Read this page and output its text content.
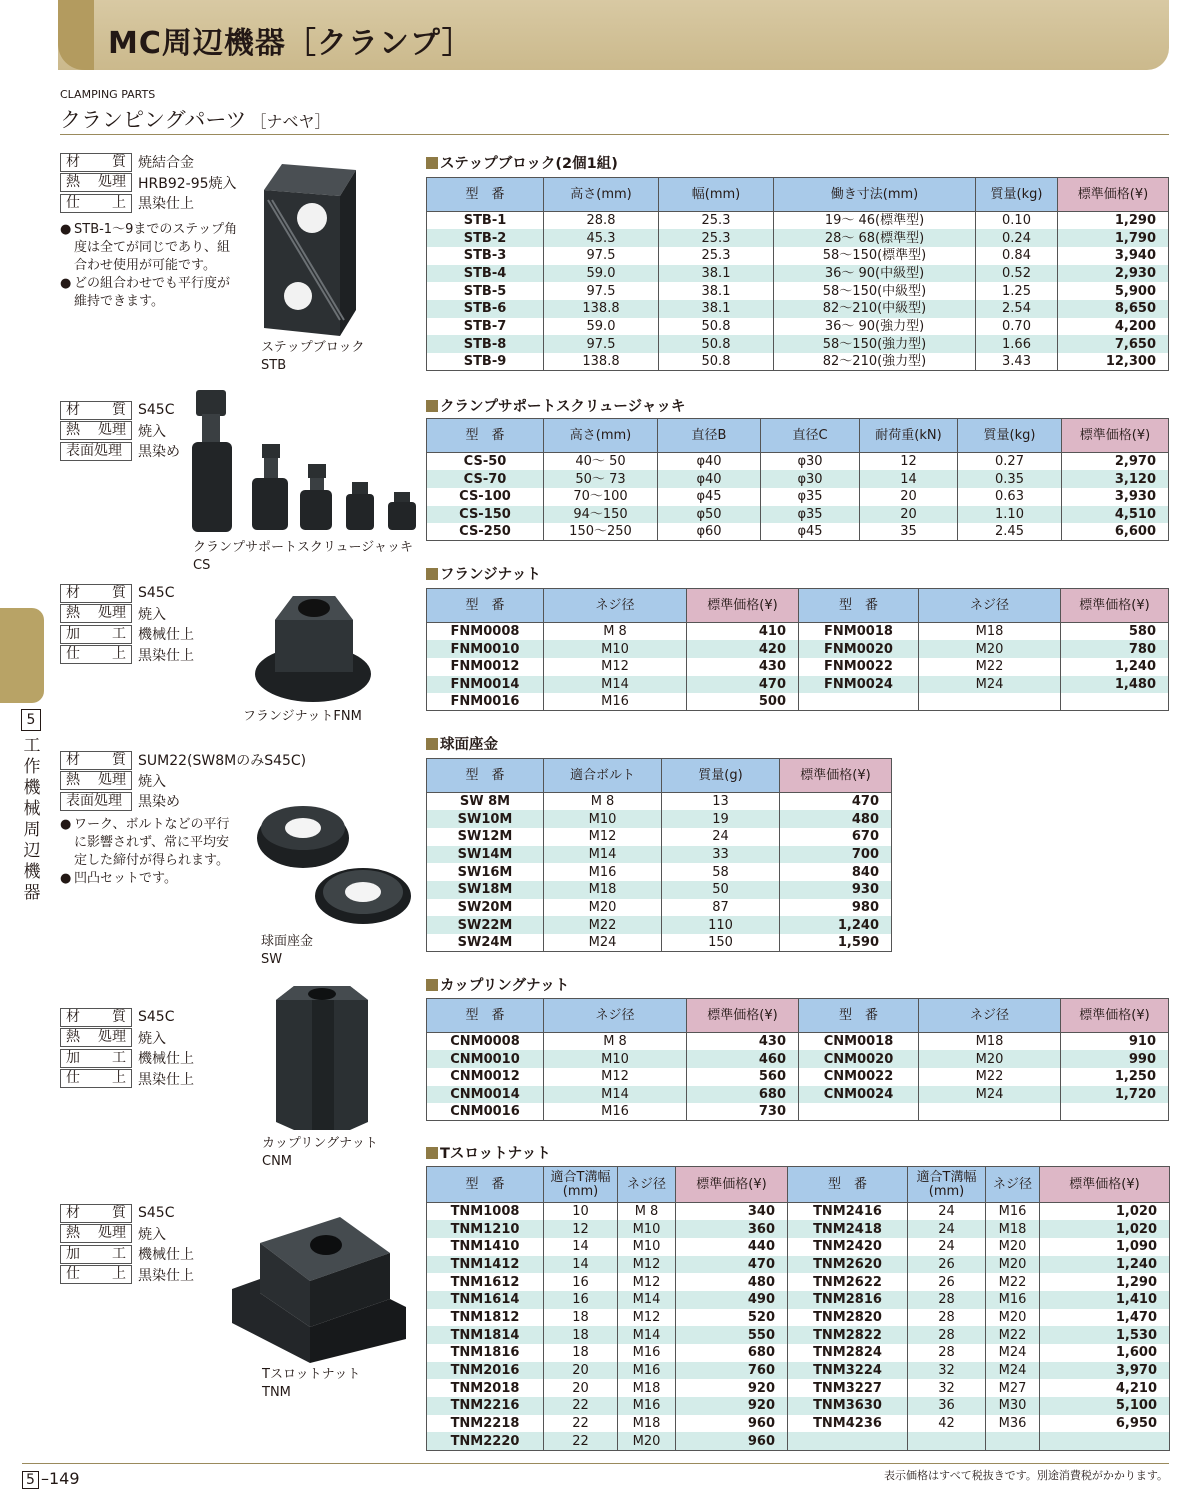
MC周辺機器［クランプ］
CLAMPING PARTS
クランピングパーツ ［ナベヤ］
5
工作機械周辺機器
材 質 焼結合金
熱 処理 HRB92-95焼入
仕 上 黒染仕上
● STB-1～9までのステップ角度は全てが同じであり、組合わせ使用が可能です。
● どの組合わせでも平行度が維持できます。
ステップブロック
STB
材 質 S45C
熱 処理 焼入
表面処理 黒染め
クランプサポートスクリュージャッキ
CS
材 質 S45C
熱 処理 焼入
加 工 機械仕上
仕 上 黒染仕上
フランジナットFNM
材 質 SUM22(SW8MのみS45C)
熱 処理 焼入
表面処理 黒染め
● ワーク、ボルトなどの平行に影響されず、常に平均安定した締付が得られます。
● 凹凸セットです。
球面座金
SW
材 質 S45C
熱 処理 焼入
加 工 機械仕上
仕 上 黒染仕上
カップリングナット
CNM
材 質 S45C
熱 処理 焼入
加 工 機械仕上
仕 上 黒染仕上
Tスロットナット
TNM
ステップブロック(2個1組)
クランプサポートスクリュージャッキ
フランジナット
球面座金
カップリングナット
Tスロットナット
型　番	高さ(mm)	幅(mm)	働き寸法(mm)	質量(kg)	標準価格(¥)
STB-1	28.8	25.3	19～ 46(標準型)	0.10	1,290
STB-2	45.3	25.3	28～ 68(標準型)	0.24	1,790
STB-3	97.5	25.3	58～150(標準型)	0.84	3,940
STB-4	59.0	38.1	36～ 90(中級型)	0.52	2,930
STB-5	97.5	38.1	58～150(中級型)	1.25	5,900
STB-6	138.8	38.1	82～210(中級型)	2.54	8,650
STB-7	59.0	50.8	36～ 90(強力型)	0.70	4,200
STB-8	97.5	50.8	58～150(強力型)	1.66	7,650
STB-9	138.8	50.8	82～210(強力型)	3.43	12,300
型　番	高さ(mm)	直径B	直径C	耐荷重(kN)	質量(kg)	標準価格(¥)
CS-50	40～ 50	φ40	φ30	12	0.27	2,970
CS-70	50～ 73	φ40	φ30	14	0.35	3,120
CS-100	70～100	φ45	φ35	20	0.63	3,930
CS-150	94～150	φ50	φ35	20	1.10	4,510
CS-250	150～250	φ60	φ45	35	2.45	6,600
型　番	ネジ径	標準価格(¥)	型　番	ネジ径	標準価格(¥)
FNM0008	M 8	410	FNM0018	M18	580
FNM0010	M10	420	FNM0020	M20	780
FNM0012	M12	430	FNM0022	M22	1,240
FNM0014	M14	470	FNM0024	M24	1,480
FNM0016	M16	500			
型　番	適合ボルト	質量(g)	標準価格(¥)
SW 8M	M 8	13	470
SW10M	M10	19	480
SW12M	M12	24	670
SW14M	M14	33	700
SW16M	M16	58	840
SW18M	M18	50	930
SW20M	M20	87	980
SW22M	M22	110	1,240
SW24M	M24	150	1,590
型　番	ネジ径	標準価格(¥)	型　番	ネジ径	標準価格(¥)
CNM0008	M 8	430	CNM0018	M18	910
CNM0010	M10	460	CNM0020	M20	990
CNM0012	M12	560	CNM0022	M22	1,250
CNM0014	M14	680	CNM0024	M24	1,720
CNM0016	M16	730			
型　番	適合T溝幅(mm)	ネジ径	標準価格(¥)	型　番	適合T溝幅(mm)	ネジ径	標準価格(¥)
TNM1008	10	M 8	340	TNM2416	24	M16	1,020
TNM1210	12	M10	360	TNM2418	24	M18	1,020
TNM1410	14	M10	440	TNM2420	24	M20	1,090
TNM1412	14	M12	470	TNM2620	26	M20	1,240
TNM1612	16	M12	480	TNM2622	26	M22	1,290
TNM1614	16	M14	490	TNM2816	28	M16	1,410
TNM1812	18	M12	520	TNM2820	28	M20	1,470
TNM1814	18	M14	550	TNM2822	28	M22	1,530
TNM1816	18	M16	680	TNM2824	28	M24	1,600
TNM2016	20	M16	760	TNM3224	32	M24	3,970
TNM2018	20	M18	920	TNM3227	32	M27	4,210
TNM2216	22	M16	920	TNM3630	36	M30	5,100
TNM2218	22	M18	960	TNM4236	42	M36	6,950
TNM2220	22	M20	960				
5 –149	表示価格はすべて税抜きです。別途消費税がかかります。
